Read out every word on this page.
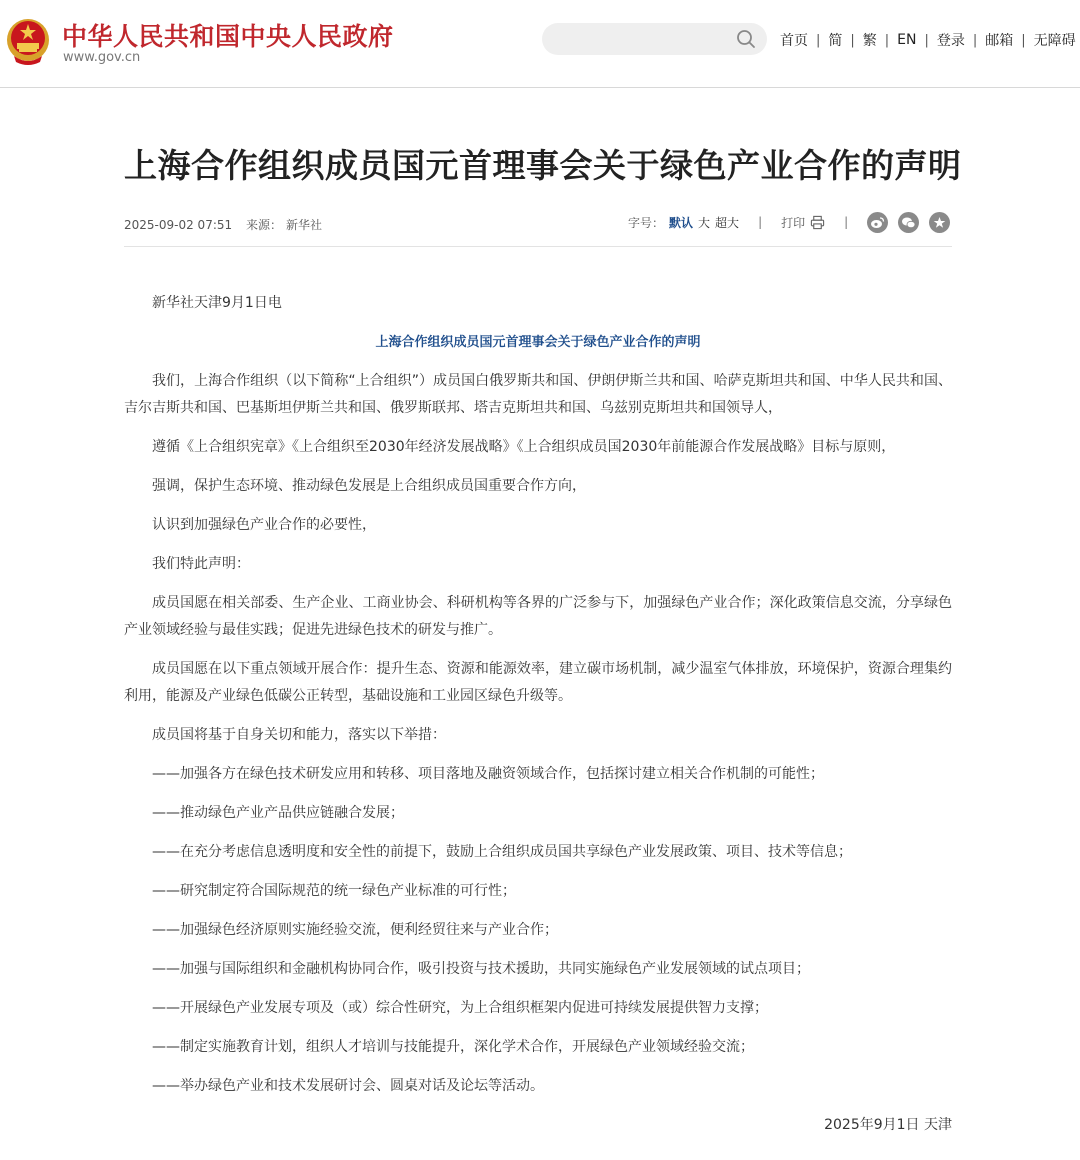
中华人民共和国中央人民政府
www.gov.cn
首页 | 简 | 繁 | EN | 登录 | 邮箱 | 无障碍
上海合作组织成员国元首理事会关于绿色产业合作的声明
2025-09-02 07:51 来源： 新华社	字号： 默认 大 超大 | 打印	|

新华社天津9月1日电

上海合作组织成员国元首理事会关于绿色产业合作的声明

我们，上海合作组织（以下简称“上合组织”）成员国白俄罗斯共和国、伊朗伊斯兰共和国、哈萨克斯坦共和国、中华人民共和国、吉尔吉斯共和国、巴基斯坦伊斯兰共和国、俄罗斯联邦、塔吉克斯坦共和国、乌兹别克斯坦共和国领导人，

遵循《上合组织宪章》《上合组织至2030年经济发展战略》《上合组织成员国2030年前能源合作发展战略》目标与原则，

强调，保护生态环境、推动绿色发展是上合组织成员国重要合作方向，

认识到加强绿色产业合作的必要性，

我们特此声明：

成员国愿在相关部委、生产企业、工商业协会、科研机构等各界的广泛参与下，加强绿色产业合作；深化政策信息交流，分享绿色产业领域经验与最佳实践；促进先进绿色技术的研发与推广。

成员国愿在以下重点领域开展合作：提升生态、资源和能源效率，建立碳市场机制，减少温室气体排放，环境保护，资源合理集约利用，能源及产业绿色低碳公正转型，基础设施和工业园区绿色升级等。

成员国将基于自身关切和能力，落实以下举措：

——加强各方在绿色技术研发应用和转移、项目落地及融资领域合作，包括探讨建立相关合作机制的可能性；

——推动绿色产业产品供应链融合发展；

——在充分考虑信息透明度和安全性的前提下，鼓励上合组织成员国共享绿色产业发展政策、项目、技术等信息；

——研究制定符合国际规范的统一绿色产业标准的可行性；

——加强绿色经济原则实施经验交流，便利经贸往来与产业合作；

——加强与国际组织和金融机构协同合作，吸引投资与技术援助，共同实施绿色产业发展领域的试点项目；

——开展绿色产业发展专项及（或）综合性研究，为上合组织框架内促进可持续发展提供智力支撑；

——制定实施教育计划，组织人才培训与技能提升，深化学术合作，开展绿色产业领域经验交流；

——举办绿色产业和技术发展研讨会、圆桌对话及论坛等活动。

2025年9月1日 天津
